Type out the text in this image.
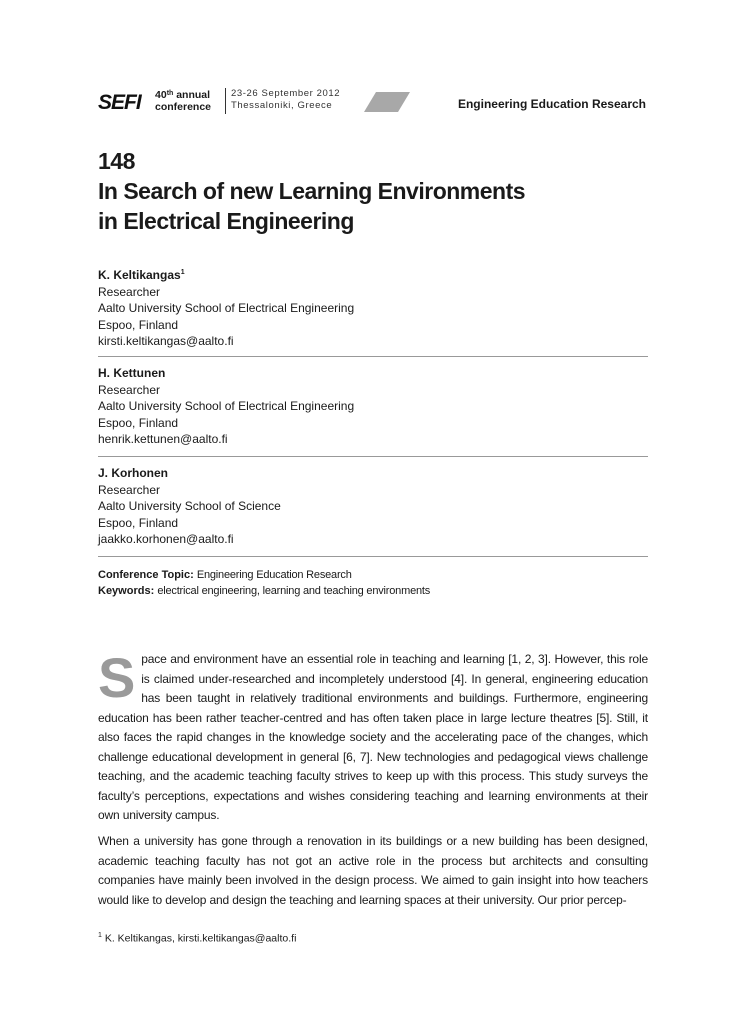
SEFI 40th annual
conference
23-26 September 2012
Thessaloniki, Greece	Engineering Education Research
148
In Search of new Learning Environments
in Electrical Engineering
K. Keltikangas$^1$
Researcher
Aalto University School of Electrical Engineering
Espoo, Finland
kirsti.keltikangas@aalto.fi
H. Kettunen
Researcher
Aalto University School of Electrical Engineering
Espoo, Finland
henrik.kettunen@aalto.fi
J. Korhonen
Researcher
Aalto University School of Science
Espoo, Finland
jaakko.korhonen@aalto.fi
Conference Topic: Engineering Education Research
Keywords: electrical engineering, learning and teaching environments
Space and environment have an essential role in teaching and learning [1, 2, 3]. However, this role is claimed under-researched and incompletely understood [4]. In general, engineering education has been taught in relatively traditional environments and buildings. Furthermore, engineering education has been rather teacher-centred and has often taken place in large lecture theatres [5]. Still, it also faces the rapid changes in the knowledge society and the accelerating pace of the changes, which challenge educational development in general [6, 7]. New technologies and pedagogical views challenge teaching, and the academic teaching faculty strives to keep up with this process. This study surveys the faculty’s perceptions, expectations and wishes considering teaching and learning environments at their own university campus.
When a university has gone through a renovation in its buildings or a new building has been designed, academic teaching faculty has not got an active role in the process but architects and consulting companies have mainly been involved in the design process. We aimed to gain insight into how teachers would like to develop and design the teaching and learning spaces at their university. Our prior percep-
$^1$ K. Keltikangas, kirsti.keltikangas@aalto.fi
